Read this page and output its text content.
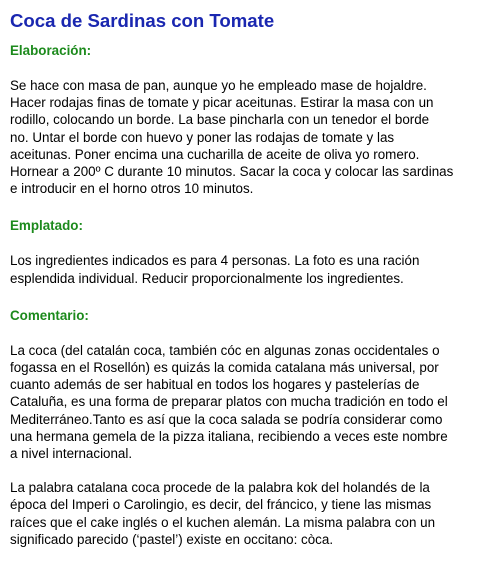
Coca de Sardinas con Tomate
Elaboración:

Se hace con masa de pan, aunque yo he empleado mase de hojaldre.
Hacer rodajas finas de tomate y picar aceitunas. Estirar la masa con un
rodillo, colocando un borde. La base pincharla con un tenedor el borde
no. Untar el borde con huevo y poner las rodajas de tomate y las
aceitunas. Poner encima una cucharilla de aceite de oliva yo romero.
Hornear a 200º C durante 10 minutos. Sacar la coca y colocar las sardinas
e introducir en el horno otros 10 minutos.

Emplatado:

Los ingredientes indicados es para 4 personas. La foto es una ración
esplendida individual. Reducir proporcionalmente los ingredientes.

Comentario:

La coca (del catalán coca, también cóc en algunas zonas occidentales o
fogassa en el Rosellón) es quizás la comida catalana más universal, por
cuanto además de ser habitual en todos los hogares y pastelerías de
Cataluña, es una forma de preparar platos con mucha tradición en todo el
Mediterráneo.Tanto es así que la coca salada se podría considerar como
una hermana gemela de la pizza italiana, recibiendo a veces este nombre
a nivel internacional.

La palabra catalana coca procede de la palabra kok del holandés de la
época del Imperi o Carolingio, es decir, del fráncico, y tiene las mismas
raíces que el cake inglés o el kuchen alemán. La misma palabra con un
significado parecido (‘pastel’) existe en occitano: còca.
